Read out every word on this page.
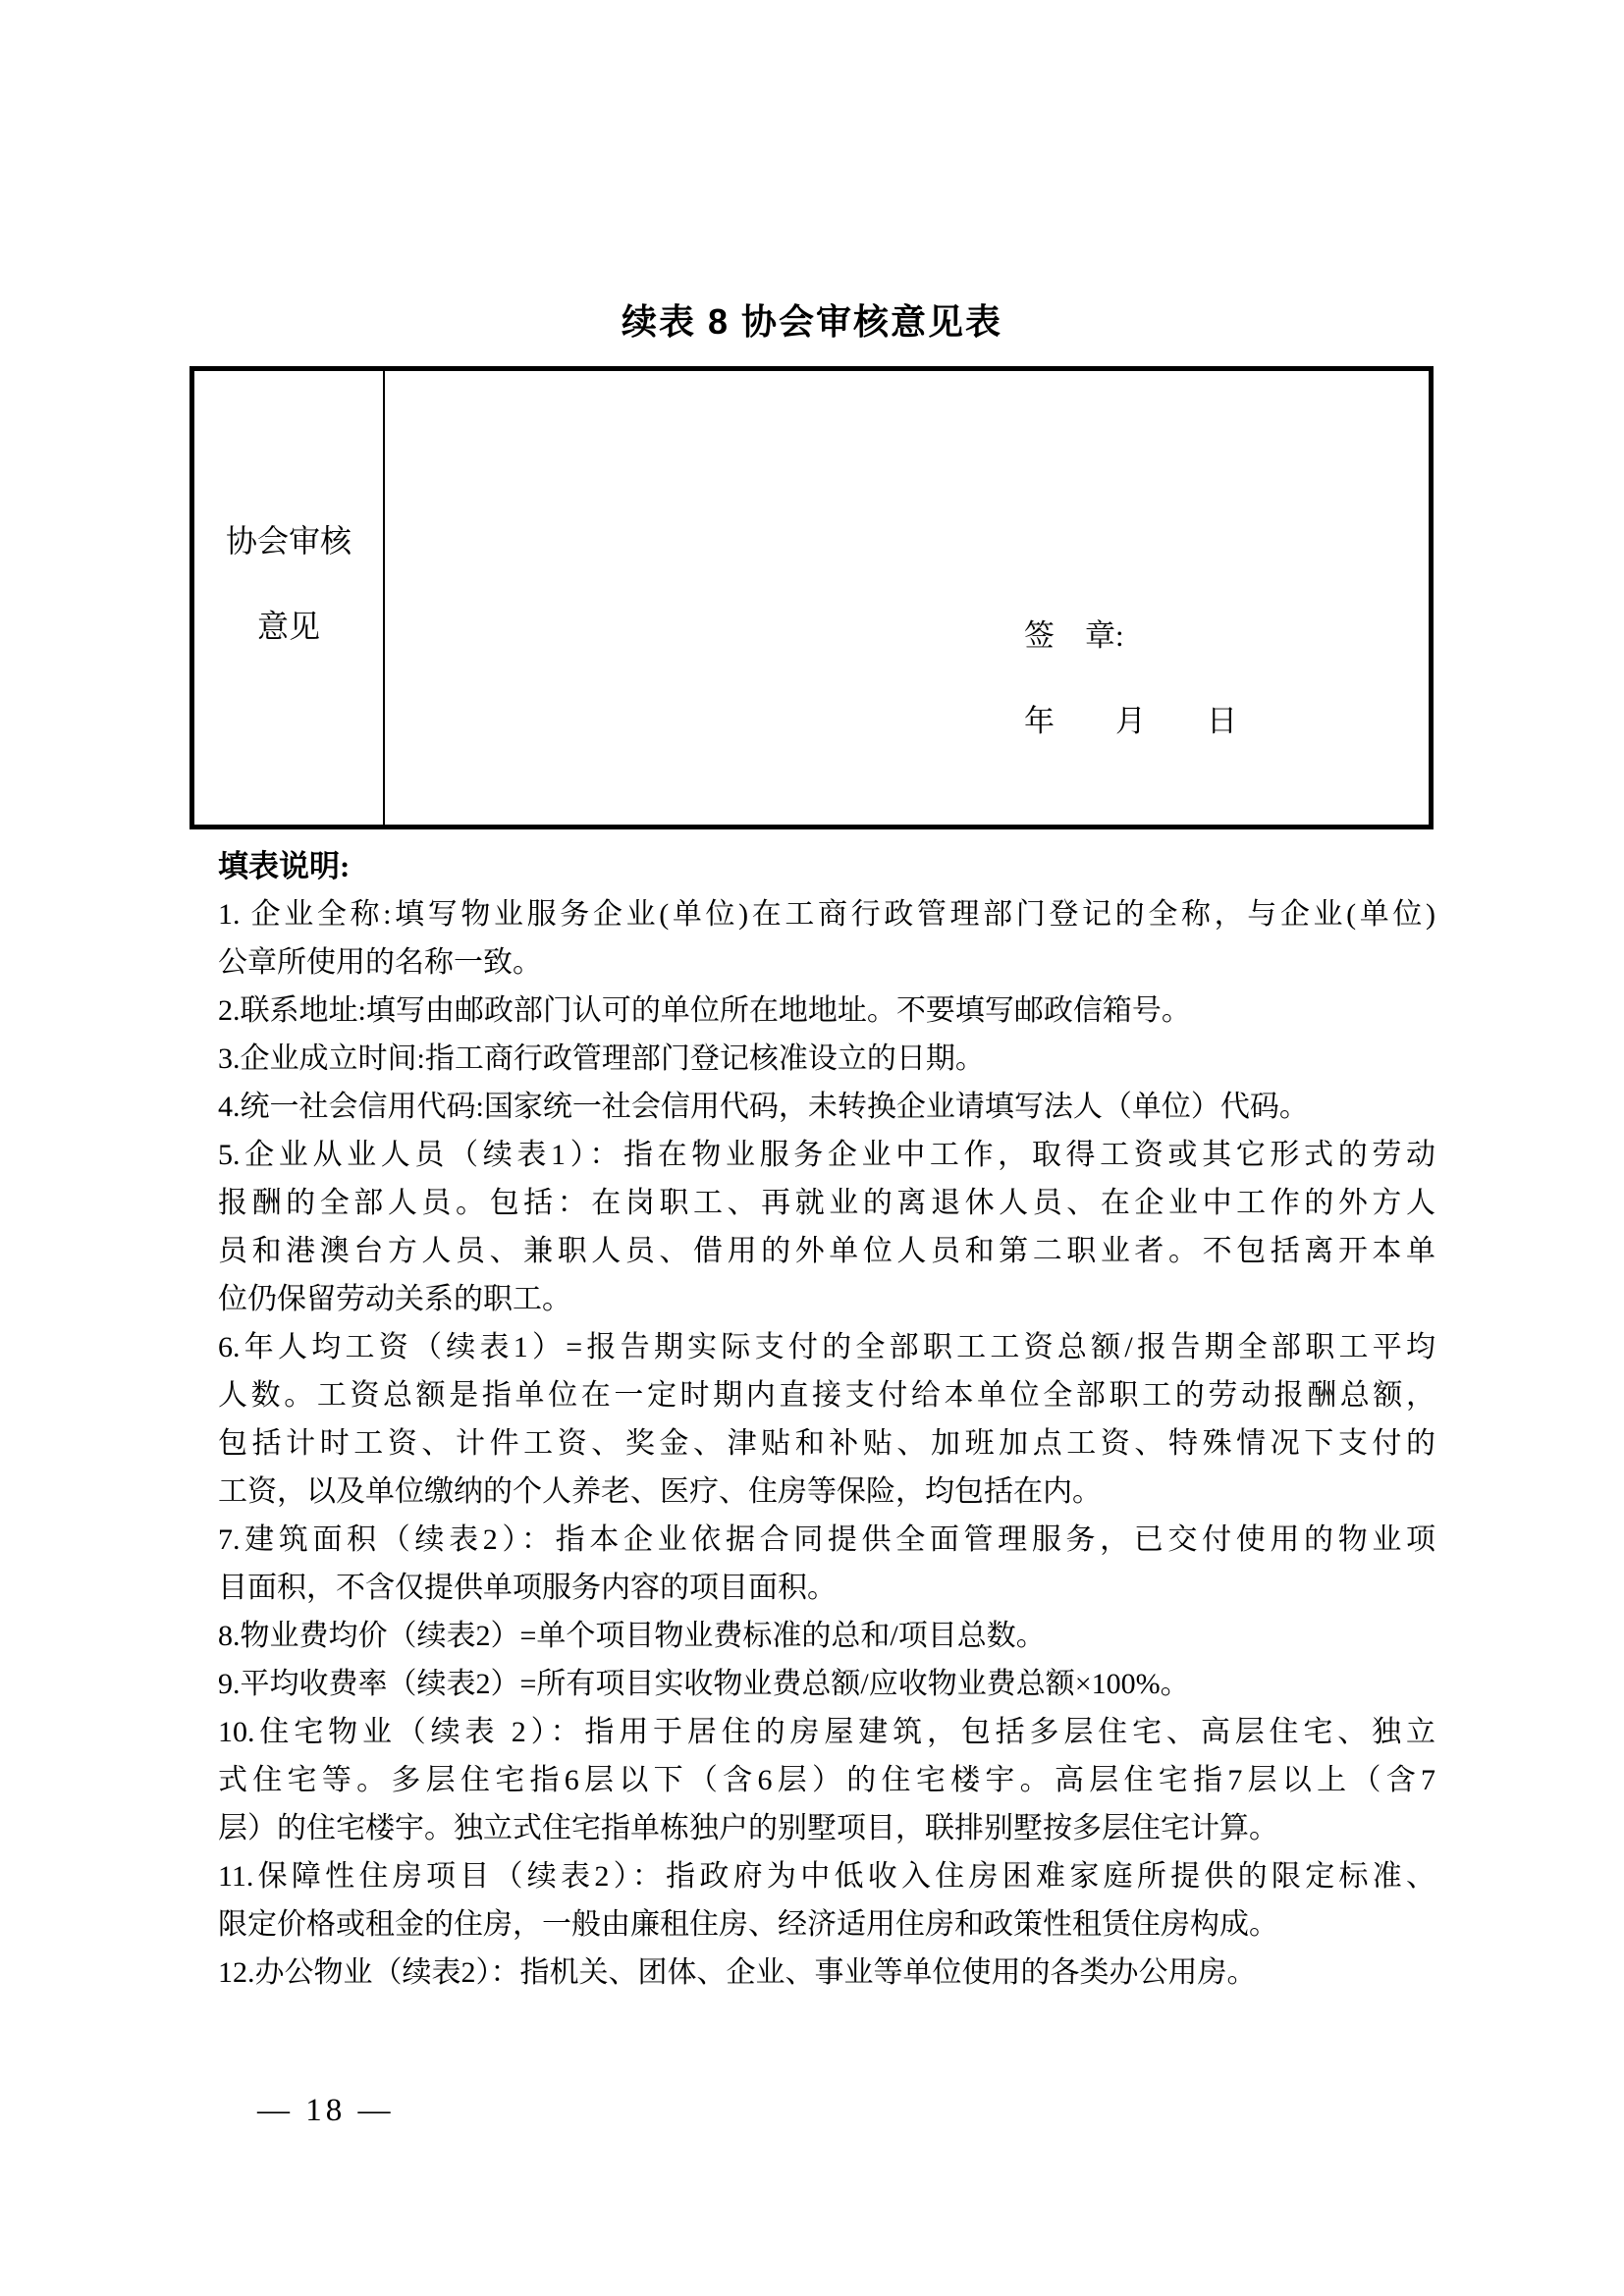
续表 8 协会审核意见表
协会审核
意见	签　章:
年　　月　　日
填表说明:
1. 企业全称:填写物业服务企业(单位)在工商行政管理部门登记的全称，与企业(单位)
公章所使用的名称一致。
2.联系地址:填写由邮政部门认可的单位所在地地址。不要填写邮政信箱号。
3.企业成立时间:指工商行政管理部门登记核准设立的日期。
4.统一社会信用代码:国家统一社会信用代码，未转换企业请填写法人（单位）代码。
5.企业从业人员（续表1）：指在物业服务企业中工作，取得工资或其它形式的劳动
报酬的全部人员。包括：在岗职工、再就业的离退休人员、在企业中工作的外方人
员和港澳台方人员、兼职人员、借用的外单位人员和第二职业者。不包括离开本单
位仍保留劳动关系的职工。
6.年人均工资（续表1）=报告期实际支付的全部职工工资总额/报告期全部职工平均
人数。工资总额是指单位在一定时期内直接支付给本单位全部职工的劳动报酬总额，
包括计时工资、计件工资、奖金、津贴和补贴、加班加点工资、特殊情况下支付的
工资，以及单位缴纳的个人养老、医疗、住房等保险，均包括在内。
7.建筑面积（续表2）：指本企业依据合同提供全面管理服务，已交付使用的物业项
目面积，不含仅提供单项服务内容的项目面积。
8.物业费均价（续表2）=单个项目物业费标准的总和/项目总数。
9.平均收费率（续表2）=所有项目实收物业费总额/应收物业费总额×100%。
10.住宅物业（续表 2）：指用于居住的房屋建筑，包括多层住宅、高层住宅、独立
式住宅等。多层住宅指6层以下（含6层）的住宅楼宇。高层住宅指7层以上（含7
层）的住宅楼宇。独立式住宅指单栋独户的别墅项目，联排别墅按多层住宅计算。
11.保障性住房项目（续表2）：指政府为中低收入住房困难家庭所提供的限定标准、
限定价格或租金的住房，一般由廉租住房、经济适用住房和政策性租赁住房构成。
12.办公物业（续表2）：指机关、团体、企业、事业等单位使用的各类办公用房。
— 18 —
